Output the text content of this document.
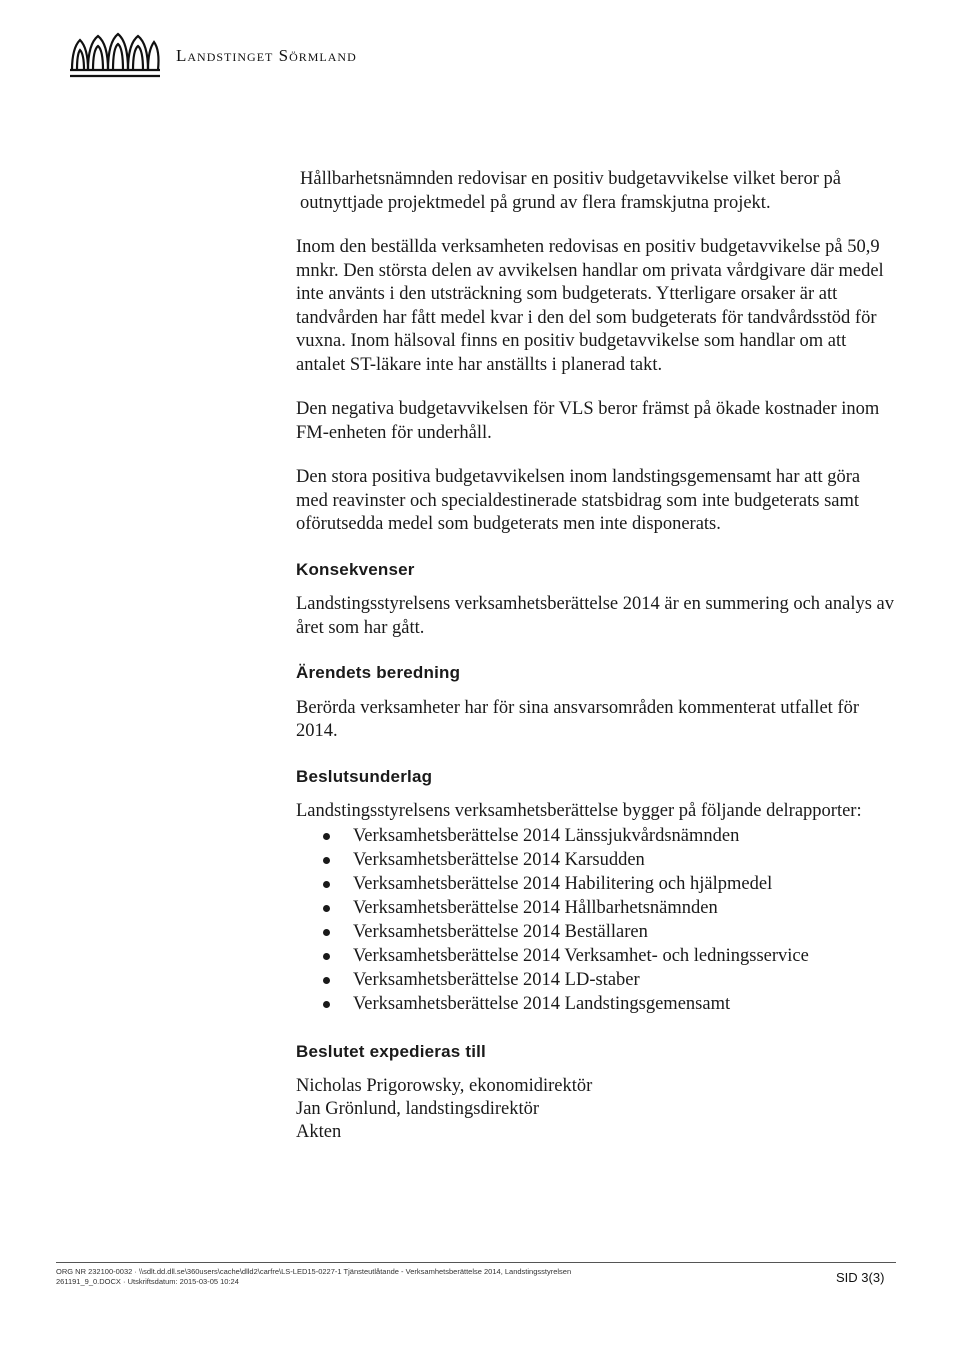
Landstinget Sörmland

Hållbarhetsnämnden redovisar en positiv budgetavvikelse vilket beror på outnyttjade projektmedel på grund av flera framskjutna projekt.

Inom den beställda verksamheten redovisas en positiv budgetavvikelse på 50,9 mnkr. Den största delen av avvikelsen handlar om privata vårdgivare där medel inte använts i den utsträckning som budgeterats. Ytterligare orsaker är att tandvården har fått medel kvar i den del som budgeterats för tandvårdsstöd för vuxna. Inom hälsoval finns en positiv budgetavvikelse som handlar om att antalet ST-läkare inte har anställts i planerad takt.

Den negativa budgetavvikelsen för VLS beror främst på ökade kostnader inom FM-enheten för underhåll.

Den stora positiva budgetavvikelsen inom landstingsgemensamt har att göra med reavinster och specialdestinerade statsbidrag som inte budgeterats samt oförutsedda medel som budgeterats men inte disponerats.

Konsekvenser

Landstingsstyrelsens verksamhetsberättelse 2014 är en summering och analys av året som har gått.

Ärendets beredning

Berörda verksamheter har för sina ansvarsområden kommenterat utfallet för 2014.

Beslutsunderlag
Landstingsstyrelsens verksamhetsberättelse bygger på följande delrapporter:
Verksamhetsberättelse 2014 Länssjukvårdsnämnden
Verksamhetsberättelse 2014 Karsudden
Verksamhetsberättelse 2014 Habilitering och hjälpmedel
Verksamhetsberättelse 2014 Hållbarhetsnämnden
Verksamhetsberättelse 2014 Beställaren
Verksamhetsberättelse 2014 Verksamhet- och ledningsservice
Verksamhetsberättelse 2014 LD-staber
Verksamhetsberättelse 2014 Landstingsgemensamt
Beslutet expedieras till
Nicholas Prigorowsky, ekonomidirektör
Jan Grönlund, landstingsdirektör
Akten
ORG NR 232100-0032 · \\sdlt.dd.dll.se\360users\cache\dlld2\carfre\LS-LED15-0227-1 Tjänsteutlåtande - Verksamhetsberättelse 2014, Landstingsstyrelsen
261191_9_0.DOCX · Utskriftsdatum: 2015-03-05 10:24	SID 3(3)
